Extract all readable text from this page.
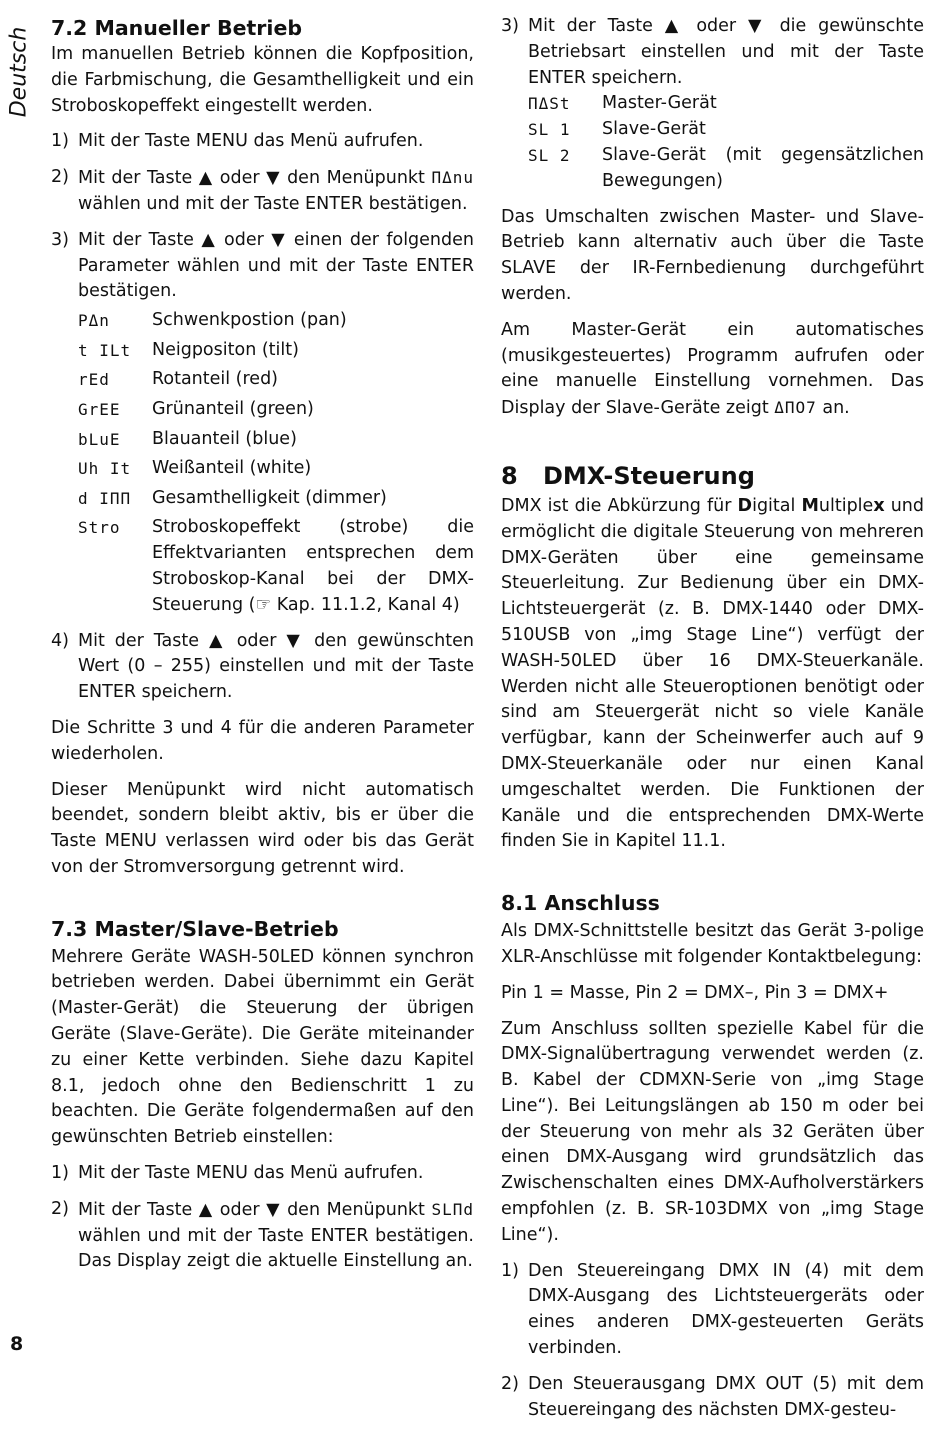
Deutsch
8
7.2 Manueller Betrieb

Im manuellen Betrieb können die Kopfposition, die Farbmischung, die Gesamthelligkeit und ein Stroboskopeffekt eingestellt werden.

1) Mit der Taste MENU das Menü aufrufen.
2) Mit der Taste ▲ oder ▼ den Menüpunkt ΠΔnu wählen und mit der Taste ENTER bestätigen.
3) Mit der Taste ▲ oder ▼ einen der folgenden Parameter wählen und mit der Taste ENTER bestätigen.
PΔn	Schwenkpostion (pan)
t ILt	Neigpositon (tilt)
rEd	Rotanteil (red)
GrEE	Grünanteil (green)
bLuE	Blauanteil (blue)
Uh It	Weißanteil (white)
d IΠΠ	Gesamthelligkeit (dimmer)
Stro	Stroboskopeffekt (strobe) die Effektvarianten entsprechen dem Stroboskop-Kanal bei der DMX-Steuerung (☞ Kap. 11.1.2, Kanal 4)
4) Mit der Taste ▲ oder ▼ den gewünschten Wert (0 – 255) einstellen und mit der Taste ENTER speichern.

Die Schritte 3 und 4 für die anderen Parameter wiederholen.

Dieser Menüpunkt wird nicht automatisch beendet, sondern bleibt aktiv, bis er über die Taste MENU verlassen wird oder bis das Gerät von der Stromversorgung getrennt wird.

7.3 Master/Slave-Betrieb

Mehrere Geräte WASH-50LED können synchron betrieben werden. Dabei übernimmt ein Gerät (Master-Gerät) die Steuerung der übrigen Geräte (Slave-Geräte). Die Geräte miteinander zu einer Kette verbinden. Siehe dazu Kapitel 8.1, jedoch ohne den Bedienschritt 1 zu beachten. Die Geräte folgendermaßen auf den gewünschten Betrieb einstellen:

1) Mit der Taste MENU das Menü aufrufen.
2) Mit der Taste ▲ oder ▼ den Menüpunkt SLΠd wählen und mit der Taste ENTER bestätigen. Das Display zeigt die aktuelle Einstellung an.
3) Mit der Taste ▲ oder ▼ die gewünschte Betriebsart einstellen und mit der Taste ENTER speichern.
ΠΔSt	Master-Gerät
SL 1	Slave-Gerät
SL 2	Slave-Gerät (mit gegensätzlichen Bewegungen)

Das Umschalten zwischen Master- und Slave-Betrieb kann alternativ auch über die Taste SLAVE der IR-Fernbedienung durchgeführt werden.

Am Master-Gerät ein automatisches (musikgesteuertes) Programm aufrufen oder eine manuelle Einstellung vornehmen. Das Display der Slave-Geräte zeigt ΔΠΟ7 an.

8 DMX-Steuerung

DMX ist die Abkürzung für Digital Multiplex und ermöglicht die digitale Steuerung von mehreren DMX-Geräten über eine gemeinsame Steuerleitung. Zur Bedienung über ein DMX-Lichtsteuergerät (z. B. DMX-1440 oder DMX-510USB von „img Stage Line“) verfügt der WASH-50LED über 16 DMX-Steuerkanäle. Werden nicht alle Steueroptionen benötigt oder sind am Steuergerät nicht so viele Kanäle verfügbar, kann der Scheinwerfer auch auf 9 DMX-Steuerkanäle oder nur einen Kanal umgeschaltet werden. Die Funktionen der Kanäle und die entsprechenden DMX-Werte finden Sie in Kapitel 11.1.

8.1 Anschluss

Als DMX-Schnittstelle besitzt das Gerät 3-polige XLR-Anschlüsse mit folgender Kontaktbelegung:

Pin 1 = Masse, Pin 2 = DMX–, Pin 3 = DMX+

Zum Anschluss sollten spezielle Kabel für die DMX-Signalübertragung verwendet werden (z. B. Kabel der CDMXN-Serie von „img Stage Line“). Bei Leitungslängen ab 150 m oder bei der Steuerung von mehr als 32 Geräten über einen DMX-Ausgang wird grundsätzlich das Zwischenschalten eines DMX-Aufholverstärkers empfohlen (z. B. SR-103DMX von „img Stage Line“).

1) Den Steuereingang DMX IN (4) mit dem DMX-Ausgang des Lichtsteuergeräts oder eines anderen DMX-gesteuerten Geräts verbinden.
2) Den Steuerausgang DMX OUT (5) mit dem Steuereingang des nächsten DMX-gesteu-
